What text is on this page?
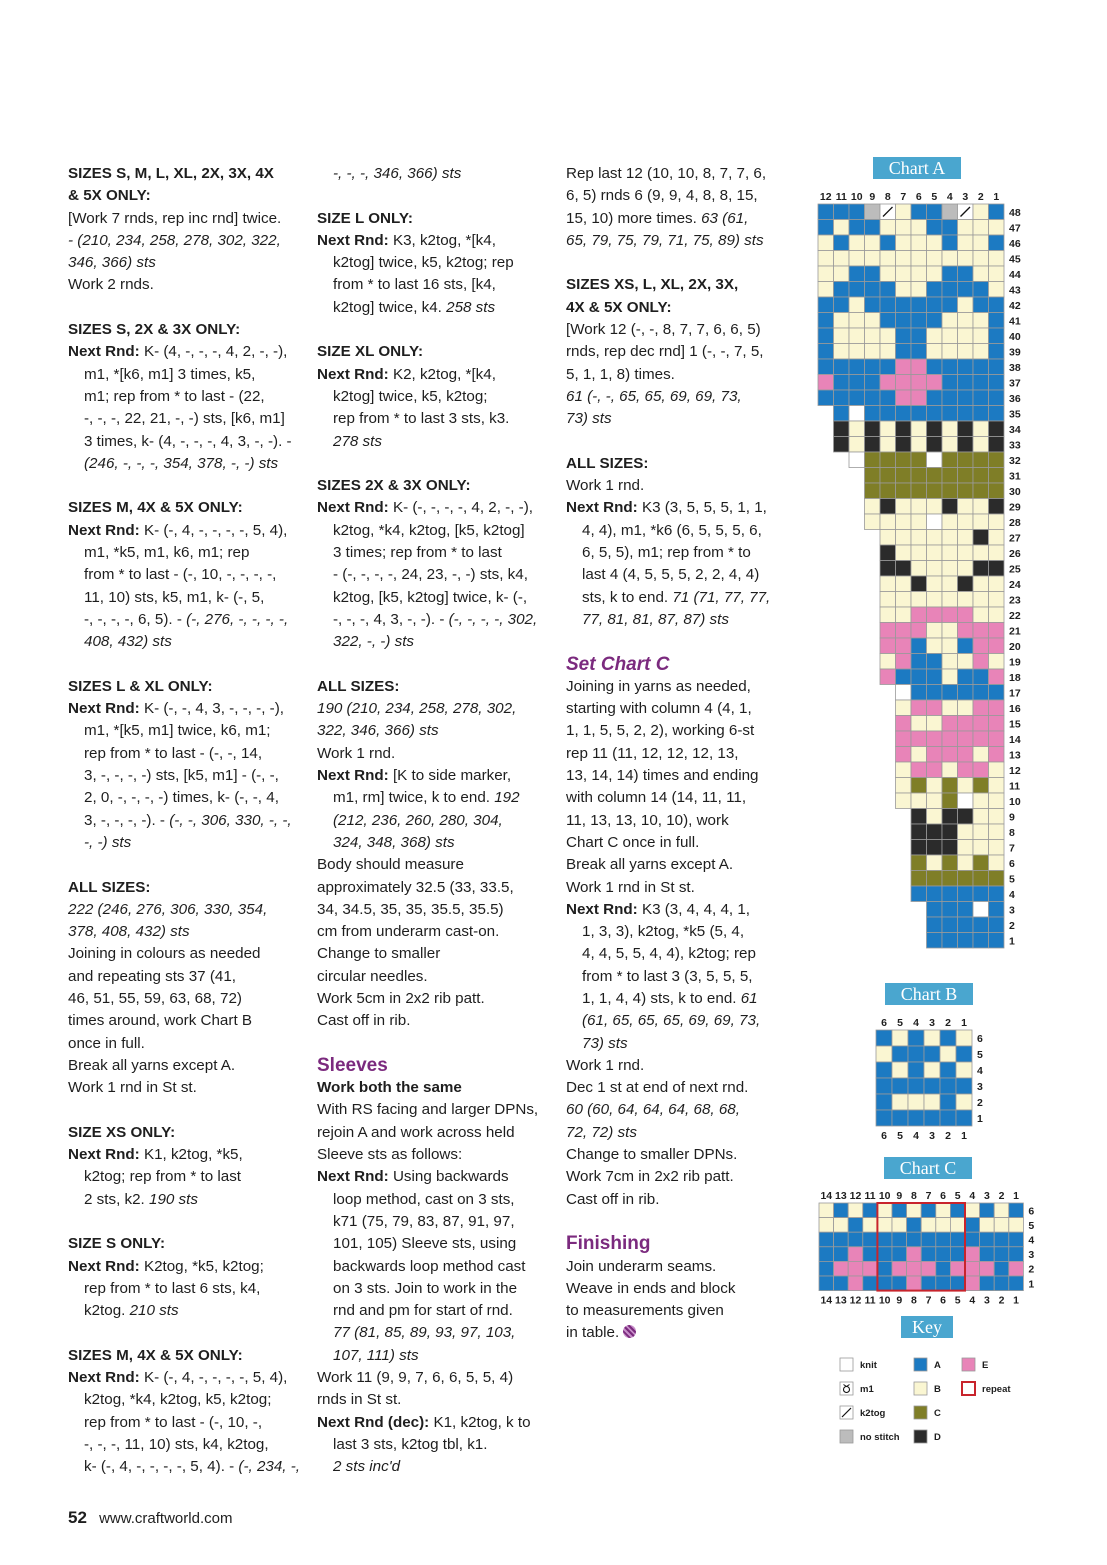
SIZES S, M, L, XL, 2X, 3X, 4X

& 5X ONLY:

[Work 7 rnds, rep inc rnd] twice.

- (210, 234, 258, 278, 302, 322,

346, 366) sts

Work 2 rnds.

SIZES S, 2X & 3X ONLY:

Next Rnd: K- (4, -, -, -, 4, 2, -, -),

m1, *[k6, m1] 3 times, k5,

m1; rep from * to last - (22,

-, -, -, 22, 21, -, -) sts, [k6, m1]

3 times, k- (4, -, -, -, 4, 3, -, -). -

(246, -, -, -, 354, 378, -, -) sts

SIZES M, 4X & 5X ONLY:

Next Rnd: K- (-, 4, -, -, -, -, 5, 4),

m1, *k5, m1, k6, m1; rep

from * to last - (-, 10, -, -, -, -,

11, 10) sts, k5, m1, k- (-, 5,

-, -, -, -, 6, 5). - (-, 276, -, -, -, -,

408, 432) sts

SIZES L & XL ONLY:

Next Rnd: K- (-, -, 4, 3, -, -, -, -),

m1, *[k5, m1] twice, k6, m1;

rep from * to last - (-, -, 14,

3, -, -, -, -) sts, [k5, m1] - (-, -,

2, 0, -, -, -, -) times, k- (-, -, 4,

3, -, -, -, -). - (-, -, 306, 330, -, -,

-, -) sts

ALL SIZES:

222 (246, 276, 306, 330, 354,

378, 408, 432) sts

Joining in colours as needed

and repeating sts 37 (41,

46, 51, 55, 59, 63, 68, 72)

times around, work Chart B

once in full.

Break all yarns except A.

Work 1 rnd in St st.

SIZE XS ONLY:

Next Rnd: K1, k2tog, *k5,

k2tog; rep from * to last

2 sts, k2. 190 sts

SIZE S ONLY:

Next Rnd: K2tog, *k5, k2tog;

rep from * to last 6 sts, k4,

k2tog. 210 sts

SIZES M, 4X & 5X ONLY:

Next Rnd: K- (-, 4, -, -, -, -, 5, 4),

k2tog, *k4, k2tog, k5, k2tog;

rep from * to last - (-, 10, -,

-, -, -, 11, 10) sts, k4, k2tog,

k- (-, 4, -, -, -, -, 5, 4). - (-, 234, -,

-, -, -, 346, 366) sts

SIZE L ONLY:

Next Rnd: K3, k2tog, *[k4,

k2tog] twice, k5, k2tog; rep

from * to last 16 sts, [k4,

k2tog] twice, k4. 258 sts

SIZE XL ONLY:

Next Rnd: K2, k2tog, *[k4,

k2tog] twice, k5, k2tog;

rep from * to last 3 sts, k3.

278 sts

SIZES 2X & 3X ONLY:

Next Rnd: K- (-, -, -, -, 4, 2, -, -),

k2tog, *k4, k2tog, [k5, k2tog]

3 times; rep from * to last

- (-, -, -, -, 24, 23, -, -) sts, k4,

k2tog, [k5, k2tog] twice, k- (-,

-, -, -, 4, 3, -, -). - (-, -, -, -, 302,

322, -, -) sts

ALL SIZES:

190 (210, 234, 258, 278, 302,

322, 346, 366) sts

Work 1 rnd.

Next Rnd: [K to side marker,

m1, rm] twice, k to end. 192

(212, 236, 260, 280, 304,

324, 348, 368) sts

Body should measure

approximately 32.5 (33, 33.5,

34, 34.5, 35, 35, 35.5, 35.5)

cm from underarm cast-on.

Change to smaller

circular needles.

Work 5cm in 2x2 rib patt.

Cast off in rib.

Sleeves

Work both the same

With RS facing and larger DPNs,

rejoin A and work across held

Sleeve sts as follows:

Next Rnd: Using backwards

loop method, cast on 3 sts,

k71 (75, 79, 83, 87, 91, 97,

101, 105) Sleeve sts, using

backwards loop method cast

on 3 sts. Join to work in the

rnd and pm for start of rnd.

77 (81, 85, 89, 93, 97, 103,

107, 111) sts

Work 11 (9, 9, 7, 6, 6, 5, 5, 4)

rnds in St st.

Next Rnd (dec): K1, k2tog, k to

last 3 sts, k2tog tbl, k1.

2 sts inc'd

Rep last 12 (10, 10, 8, 7, 7, 6,

6, 5) rnds 6 (9, 9, 4, 8, 8, 15,

15, 10) more times. 63 (61,

65, 79, 75, 79, 71, 75, 89) sts

SIZES XS, L, XL, 2X, 3X,

4X & 5X ONLY:

[Work 12 (-, -, 8, 7, 7, 6, 6, 5)

rnds, rep dec rnd] 1 (-, -, 7, 5,

5, 1, 1, 8) times.

61 (-, -, 65, 65, 69, 69, 73,

73) sts

ALL SIZES:

Work 1 rnd.

Next Rnd: K3 (3, 5, 5, 5, 1, 1,

4, 4), m1, *k6 (6, 5, 5, 5, 6,

6, 5, 5), m1; rep from * to

last 4 (4, 5, 5, 5, 2, 2, 4, 4)

sts, k to end. 71 (71, 77, 77,

77, 81, 81, 87, 87) sts

Set Chart C

Joining in yarns as needed,

starting with column 4 (4, 1,

1, 1, 5, 5, 2, 2), working 6-st

rep 11 (11, 12, 12, 12, 13,

13, 14, 14) times and ending

with column 14 (14, 11, 11,

11, 13, 13, 10, 10), work

Chart C once in full.

Break all yarns except A.

Work 1 rnd in St st.

Next Rnd: K3 (3, 4, 4, 4, 1,

1, 3, 3), k2tog, *k5 (5, 4,

4, 4, 5, 5, 4, 4), k2tog; rep

from * to last 3 (3, 5, 5, 5,

1, 1, 4, 4) sts, k to end. 61

(61, 65, 65, 65, 69, 69, 73,

73) sts

Work 1 rnd.

Dec 1 st at end of next rnd.

60 (60, 64, 64, 64, 68, 68,

72, 72) sts

Change to smaller DPNs.

Work 7cm in 2x2 rib patt.

Cast off in rib.

Finishing

Join underarm seams.

Weave in ends and block

to measurements given

in table.

Chart A
12 11 10 9 8 7 6 5 4 3 2 1
48
47
46
45
44
43
42
41
40
39
38
37
36
35
34
33
32
31
30
29
28
27
26
25
24
23
22
21
20
19
18
17
16
15
14
13
12
11
10
9
8
7
6
5
4
3
2
1
Chart B
6
6
5
5
4
4
3
3
2
2
1
1
6
5
4
3
2
1
Chart C
14
14
13
13
12
12
11
11
10
10
9
9
8
8
7
7
6
6
5
5
4
4
3
3
2
2
1
1
6
5
4
3
2
1
Key
knit
m1
k2tog
no stitch
A
B
C
D
E
repeat
52 www.craftworld.com
